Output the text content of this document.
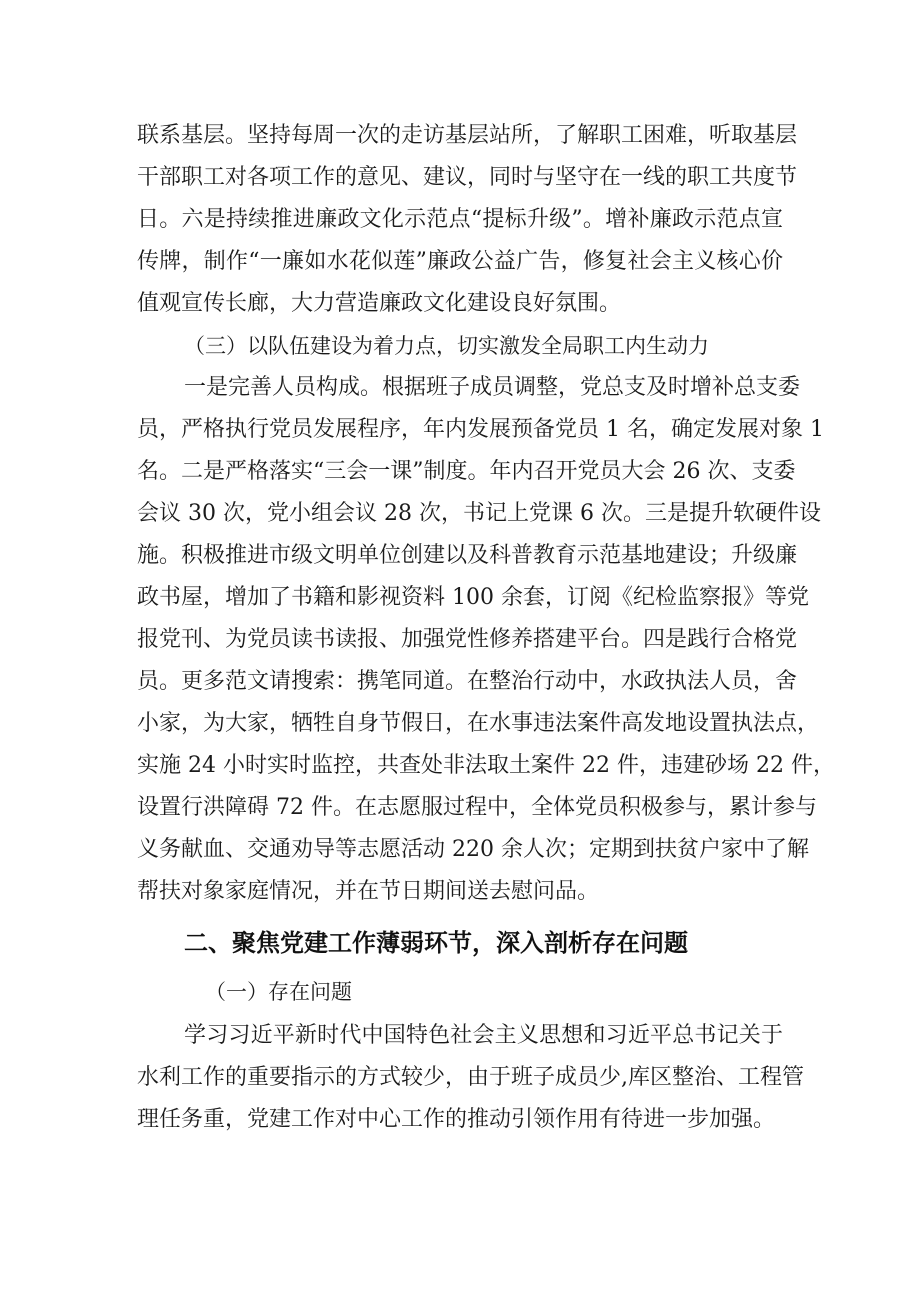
联系基层。坚持每周一次的走访基层站所，了解职工困难，听取基层

干部职工对各项工作的意见、建议，同时与坚守在一线的职工共度节

日。六是持续推进廉政文化示范点“提标升级”。增补廉政示范点宣

传牌，制作“一廉如水花似莲”廉政公益广告，修复社会主义核心价

值观宣传长廊，大力营造廉政文化建设良好氛围。

（三）以队伍建设为着力点，切实激发全局职工内生动力

一是完善人员构成。根据班子成员调整，党总支及时增补总支委

员，严格执行党员发展程序，年内发展预备党员 1 名，确定发展对象 1

名。二是严格落实“三会一课”制度。年内召开党员大会 26 次、支委

会议 30 次，党小组会议 28 次，书记上党课 6 次。三是提升软硬件设

施。积极推进市级文明单位创建以及科普教育示范基地建设；升级廉

政书屋，增加了书籍和影视资料 100 余套，订阅《纪检监察报》等党

报党刊、为党员读书读报、加强党性修养搭建平台。四是践行合格党

员。更多范文请搜索：携笔同道。在整治行动中，水政执法人员，舍

小家，为大家，牺牲自身节假日，在水事违法案件高发地设置执法点，

实施 24 小时实时监控，共查处非法取土案件 22 件，违建砂场 22 件，

设置行洪障碍 72 件。在志愿服过程中，全体党员积极参与，累计参与

义务献血、交通劝导等志愿活动 220 余人次；定期到扶贫户家中了解

帮扶对象家庭情况，并在节日期间送去慰问品。

二、聚焦党建工作薄弱环节，深入剖析存在问题

（一）存在问题

学习习近平新时代中国特色社会主义思想和习近平总书记关于

水利工作的重要指示的方式较少，由于班子成员少,库区整治、工程管

理任务重，党建工作对中心工作的推动引领作用有待进一步加强。
